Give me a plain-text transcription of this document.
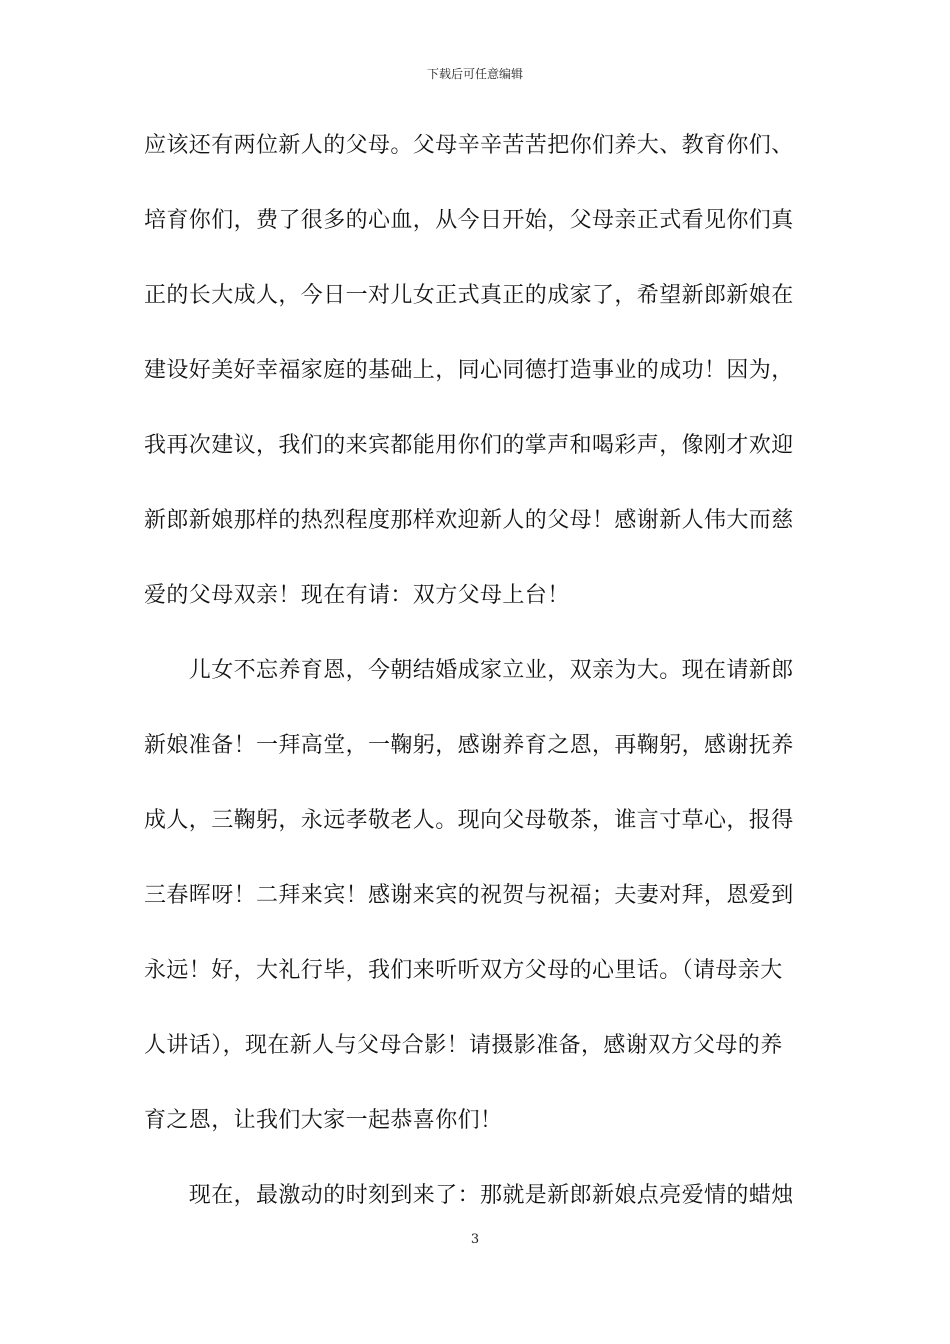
下载后可任意编辑
应该还有两位新人的父母。父母辛辛苦苦把你们养大、教育你们、
培育你们，费了很多的心血，从今日开始，父母亲正式看见你们真
正的长大成人，今日一对儿女正式真正的成家了，希望新郎新娘在
建设好美好幸福家庭的基础上，同心同德打造事业的成功！因为，
我再次建议，我们的来宾都能用你们的掌声和喝彩声，像刚才欢迎
新郎新娘那样的热烈程度那样欢迎新人的父母！感谢新人伟大而慈
爱的父母双亲！现在有请：双方父母上台！
　　儿女不忘养育恩，今朝结婚成家立业，双亲为大。现在请新郎
新娘准备！一拜高堂，一鞠躬，感谢养育之恩，再鞠躬，感谢抚养
成人，三鞠躬，永远孝敬老人。现向父母敬茶，谁言寸草心，报得
三春晖呀！二拜来宾！感谢来宾的祝贺与祝福；夫妻对拜，恩爱到
永远！好，大礼行毕，我们来听听双方父母的心里话。（请母亲大
人讲话），现在新人与父母合影！请摄影准备，感谢双方父母的养
育之恩，让我们大家一起恭喜你们！
　　现在，最激动的时刻到来了：那就是新郎新娘点亮爱情的蜡烛
3
